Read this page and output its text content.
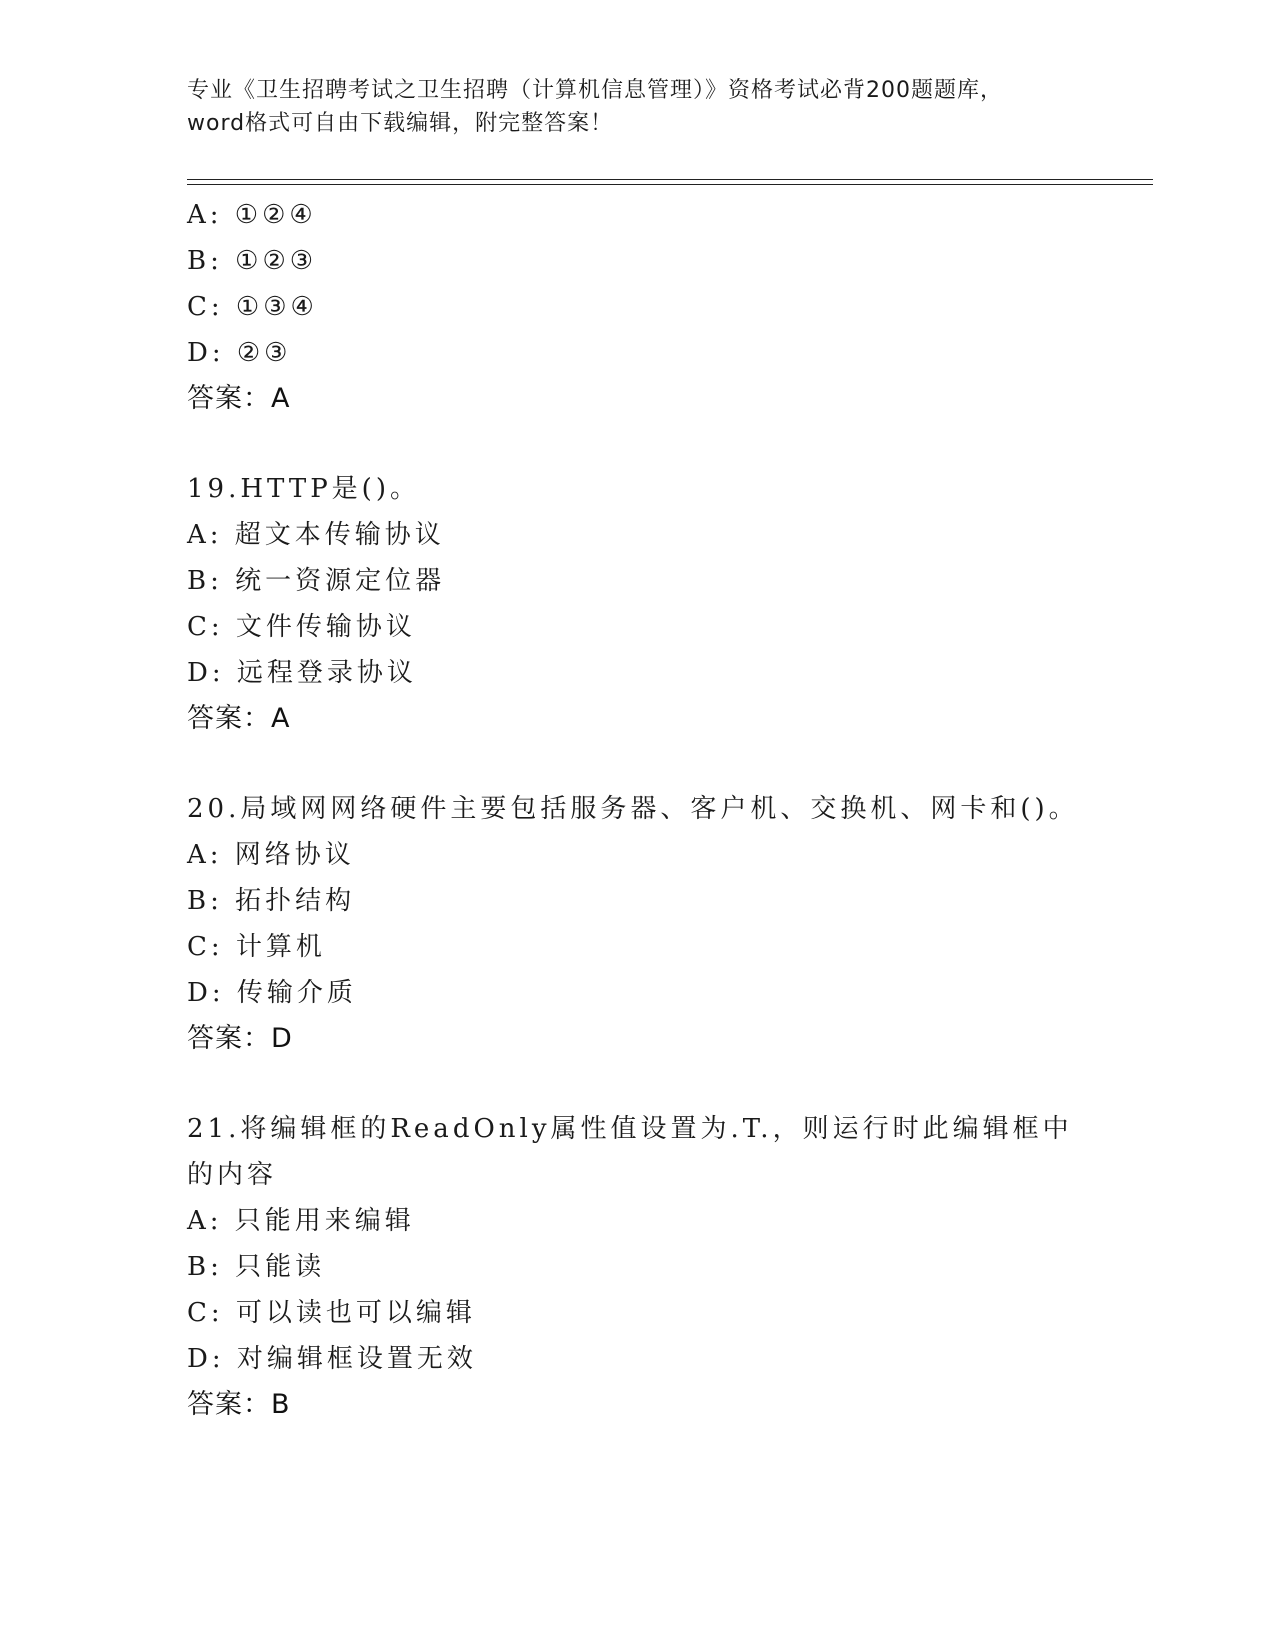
专业《卫生招聘考试之卫生招聘（计算机信息管理）》资格考试必背200题题库，
word格式可自由下载编辑，附完整答案！
A: ①②④
B: ①②③
C: ①③④
D: ②③
答案：A
19.HTTP是()。
A: 超文本传输协议
B: 统一资源定位器
C: 文件传输协议
D: 远程登录协议
答案：A
20.局域网网络硬件主要包括服务器、客户机、交换机、网卡和()。
A: 网络协议
B: 拓扑结构
C: 计算机
D: 传输介质
答案：D
21.将编辑框的ReadOnly属性值设置为.T.，则运行时此编辑框中的内容
A: 只能用来编辑
B: 只能读
C: 可以读也可以编辑
D: 对编辑框设置无效
答案：B
